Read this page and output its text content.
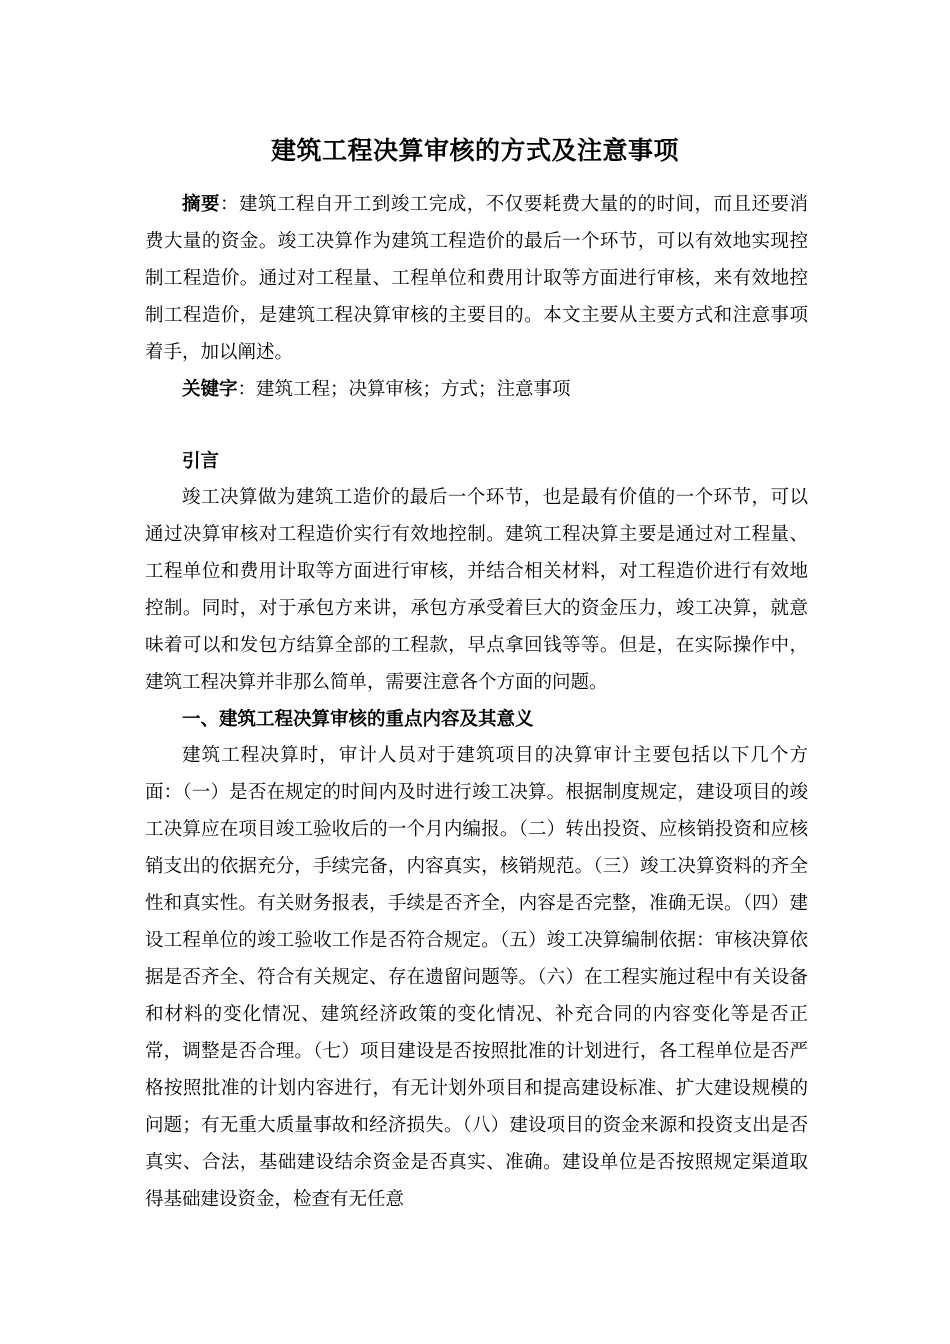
建筑工程决算审核的方式及注意事项
摘要：建筑工程自开工到竣工完成，不仅要耗费大量的的时间，而且还要消费大量的资金。竣工决算作为建筑工程造价的最后一个环节，可以有效地实现控制工程造价。通过对工程量、工程单位和费用计取等方面进行审核，来有效地控制工程造价，是建筑工程决算审核的主要目的。本文主要从主要方式和注意事项着手，加以阐述。
关键字：建筑工程；决算审核；方式；注意事项
引言
竣工决算做为建筑工造价的最后一个环节，也是最有价值的一个环节，可以通过决算审核对工程造价实行有效地控制。建筑工程决算主要是通过对工程量、工程单位和费用计取等方面进行审核，并结合相关材料，对工程造价进行有效地控制。同时，对于承包方来讲，承包方承受着巨大的资金压力，竣工决算，就意味着可以和发包方结算全部的工程款，早点拿回钱等等。但是，在实际操作中，建筑工程决算并非那么简单，需要注意各个方面的问题。
一、建筑工程决算审核的重点内容及其意义
建筑工程决算时，审计人员对于建筑项目的决算审计主要包括以下几个方面：（一）是否在规定的时间内及时进行竣工决算。根据制度规定，建设项目的竣工决算应在项目竣工验收后的一个月内编报。（二）转出投资、应核销投资和应核销支出的依据充分，手续完备，内容真实，核销规范。（三）竣工决算资料的齐全性和真实性。有关财务报表，手续是否齐全，内容是否完整，准确无误。（四）建设工程单位的竣工验收工作是否符合规定。（五）竣工决算编制依据：审核决算依据是否齐全、符合有关规定、存在遗留问题等。（六）在工程实施过程中有关设备和材料的变化情况、建筑经济政策的变化情况、补充合同的内容变化等是否正常，调整是否合理。（七）项目建设是否按照批准的计划进行，各工程单位是否严格按照批准的计划内容进行，有无计划外项目和提高建设标准、扩大建设规模的问题；有无重大质量事故和经济损失。（八）建设项目的资金来源和投资支出是否真实、合法，基础建设结余资金是否真实、准确。建设单位是否按照规定渠道取得基础建设资金，检查有无任意
